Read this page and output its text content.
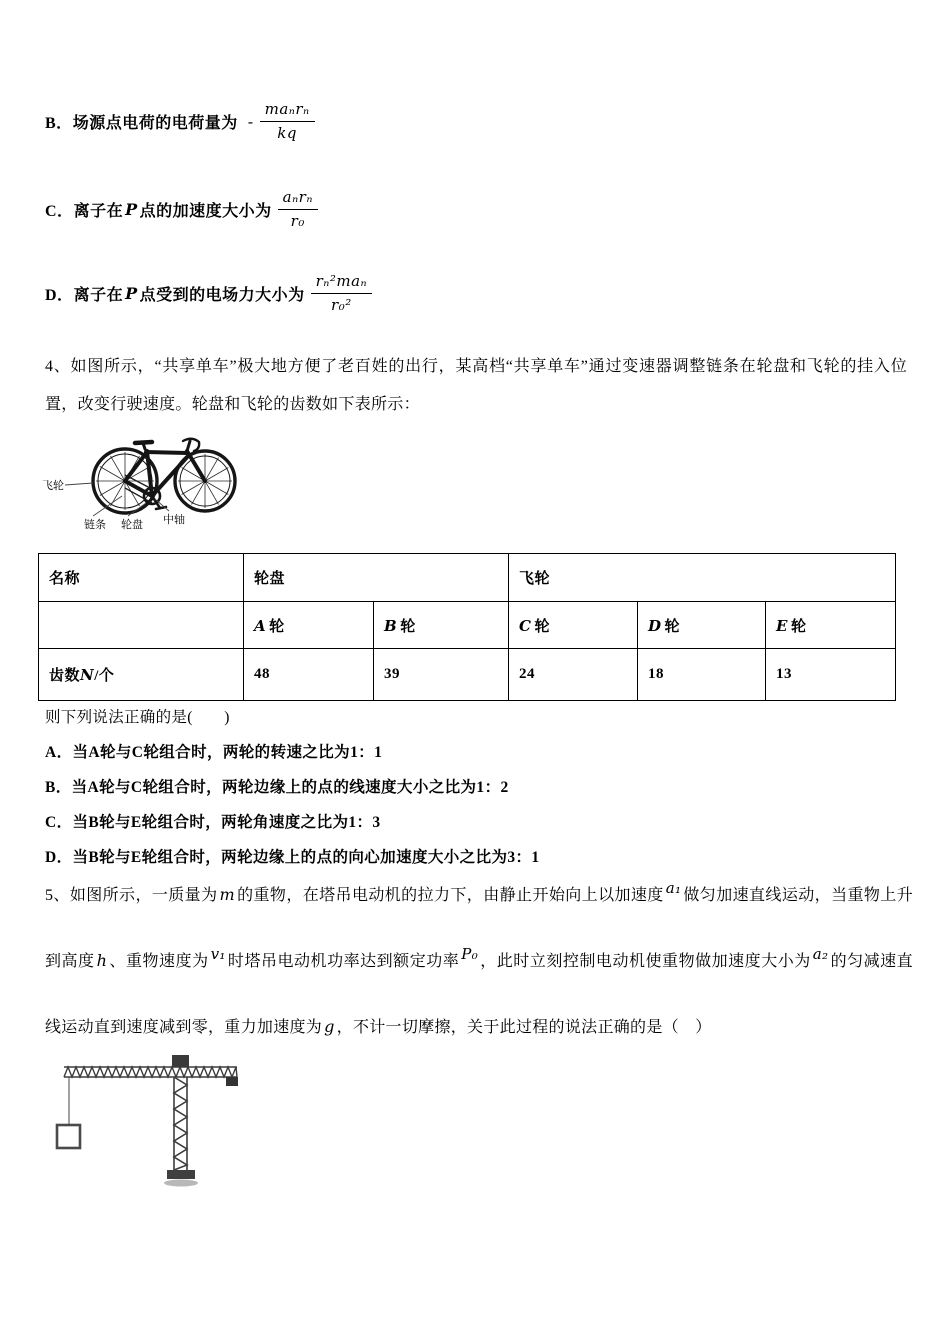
B． 场源点电荷的电荷量为 - $\frac{\text{maₙrₙ}}{kq}$
C． 离子在 P 点的加速度大小为 $\frac{\text{aₙrₙ}}{\text{r₀}}$
D． 离子在 P 点受到的电场力大小为 $\frac{\text{rₙ²maₙ}}{\text{r₀²}}$
4、如图所示，“共享单车”极大地方便了老百姓的出行，某高档“共享单车”通过变速器调整链条在轮盘和飞轮的挂入位置，改变行驶速度。轮盘和飞轮的齿数如下表所示：
飞轮
链条 轮盘 中轴
名称	轮盘		飞轮		
	A 轮	B 轮	C 轮	D 轮	E 轮
齿数N/个	48	39	24	18	13
则下列说法正确的是(　　)
A．当A轮与C轮组合时，两轮的转速之比为1：1
B．当A轮与C轮组合时，两轮边缘上的点的线速度大小之比为1：2
C．当B轮与E轮组合时，两轮角速度之比为1：3
D．当B轮与E轮组合时，两轮边缘上的点的向心加速度大小之比为3：1
5、如图所示，一质量为 m 的重物，在塔吊电动机的拉力下，由静止开始向上以加速度 a₁ 做匀加速直线运动，当重物上升到高度 h 、重物速度为 v₁ 时塔吊电动机功率达到额定功率 P₀ ，此时立刻控制电动机使重物做加速度大小为 a₂ 的匀减速直线运动直到速度减到零，重力加速度为 g ，不计一切摩擦，关于此过程的说法正确的是（　）
